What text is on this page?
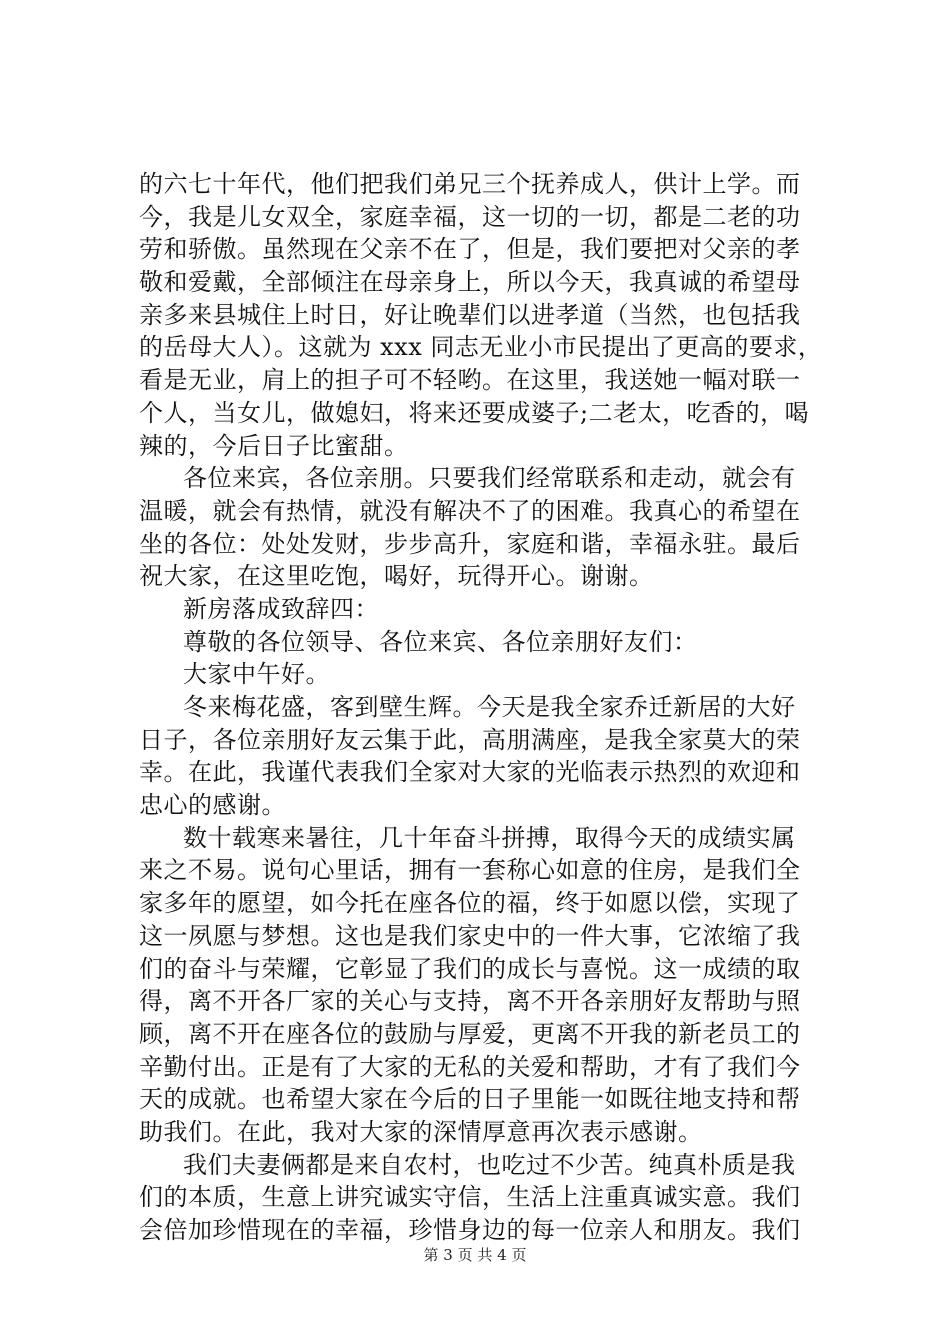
的六七十年代，他们把我们弟兄三个抚养成人，供计上学。而
今，我是儿女双全，家庭幸福，这一切的一切，都是二老的功
劳和骄傲。虽然现在父亲不在了，但是，我们要把对父亲的孝
敬和爱戴，全部倾注在母亲身上，所以今天，我真诚的希望母
亲多来县城住上时日，好让晚辈们以进孝道（当然，也包括我
的岳母大人）。这就为 xxx 同志无业小市民提出了更高的要求，
看是无业，肩上的担子可不轻哟。在这里，我送她一幅对联一
个人，当女儿，做媳妇，将来还要成婆子;二老太，吃香的，喝
辣的，今后日子比蜜甜。
各位来宾，各位亲朋。只要我们经常联系和走动，就会有
温暖，就会有热情，就没有解决不了的困难。我真心的希望在
坐的各位：处处发财，步步高升，家庭和谐，幸福永驻。最后
祝大家，在这里吃饱，喝好，玩得开心。谢谢。
新房落成致辞四：
尊敬的各位领导、各位来宾、各位亲朋好友们：
大家中午好。
冬来梅花盛，客到壁生辉。今天是我全家乔迁新居的大好
日子，各位亲朋好友云集于此，高朋满座，是我全家莫大的荣
幸。在此，我谨代表我们全家对大家的光临表示热烈的欢迎和
忠心的感谢。
数十载寒来暑往，几十年奋斗拼搏，取得今天的成绩实属
来之不易。说句心里话，拥有一套称心如意的住房，是我们全
家多年的愿望，如今托在座各位的福，终于如愿以偿，实现了
这一夙愿与梦想。这也是我们家史中的一件大事，它浓缩了我
们的奋斗与荣耀，它彰显了我们的成长与喜悦。这一成绩的取
得，离不开各厂家的关心与支持，离不开各亲朋好友帮助与照
顾，离不开在座各位的鼓励与厚爱，更离不开我的新老员工的
辛勤付出。正是有了大家的无私的关爱和帮助，才有了我们今
天的成就。也希望大家在今后的日子里能一如既往地支持和帮
助我们。在此，我对大家的深情厚意再次表示感谢。
我们夫妻俩都是来自农村，也吃过不少苦。纯真朴质是我
们的本质，生意上讲究诚实守信，生活上注重真诚实意。我们
会倍加珍惜现在的幸福，珍惜身边的每一位亲人和朋友。我们
第 3 页 共 4 页
